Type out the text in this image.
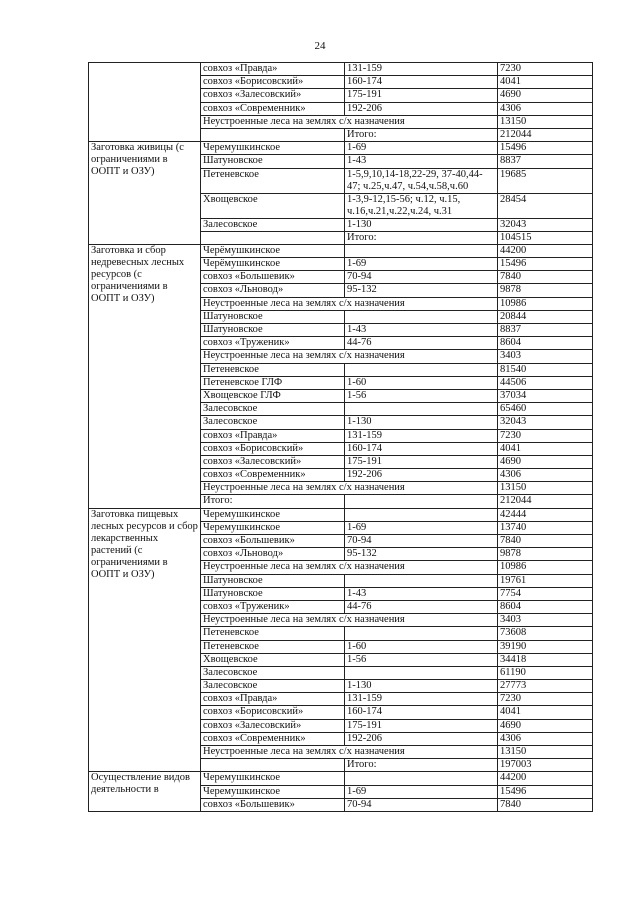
24
	совхоз «Правда»	131-159	7230
	совхоз «Борисовский»	160-174	4041
	совхоз «Залесовский»	175-191	4690
	совхоз «Современник»	192-206	4306
	Неустроенные леса на землях с/х назначения		13150
		Итого:	212044
Заготовка живицы (с ограничениями в ООПТ и ОЗУ)	Черемушкинское	1-69	15496
	Шатуновское	1-43	8837
	Петеневское	1-5,9,10,14-18,22-29, 37-40,44-47; ч.25,ч.47, ч.54,ч.58,ч.60	19685
	Хвощевское	1-3,9-12,15-56; ч.12, ч.15, ч.16,ч.21,ч.22,ч.24, ч.31	28454
	Залесовское	1-130	32043
		Итого:	104515
Заготовка и сбор недревесных лесных ресурсов (с ограничениями в ООПТ и ОЗУ)	Черёмушкинское		44200
	Черёмушкинское	1-69	15496
	совхоз «Большевик»	70-94	7840
	совхоз «Льновод»	95-132	9878
	Неустроенные леса на землях с/х назначения		10986
	Шатуновское		20844
	Шатуновское	1-43	8837
	совхоз «Труженик»	44-76	8604
	Неустроенные леса на землях с/х назначения		3403
	Петеневское		81540
	Петеневское ГЛФ	1-60	44506
	Хвощевское ГЛФ	1-56	37034
	Залесовское		65460
	Залесовское	1-130	32043
	совхоз «Правда»	131-159	7230
	совхоз «Борисовский»	160-174	4041
	совхоз «Залесовский»	175-191	4690
	совхоз «Современник»	192-206	4306
	Неустроенные леса на землях с/х назначения		13150
	Итого:		212044
Заготовка пищевых лесных ресурсов и сбор лекарственных растений (с ограничениями в ООПТ и ОЗУ)	Черемушкинское		42444
	Черемушкинское	1-69	13740
	совхоз «Большевик»	70-94	7840
	совхоз «Льновод»	95-132	9878
	Неустроенные леса на землях с/х назначения		10986
	Шатуновское		19761
	Шатуновское	1-43	7754
	совхоз «Труженик»	44-76	8604
	Неустроенные леса на землях с/х назначения		3403
	Петеневское		73608
	Петеневское	1-60	39190
	Хвощевское	1-56	34418
	Залесовское		61190
	Залесовское	1-130	27773
	совхоз «Правда»	131-159	7230
	совхоз «Борисовский»	160-174	4041
	совхоз «Залесовский»	175-191	4690
	совхоз «Современник»	192-206	4306
	Неустроенные леса на землях с/х назначения		13150
		Итого:	197003
Осуществление видов деятельности в	Черемушкинское		44200
	Черемушкинское	1-69	15496
	совхоз «Большевик»	70-94	7840
